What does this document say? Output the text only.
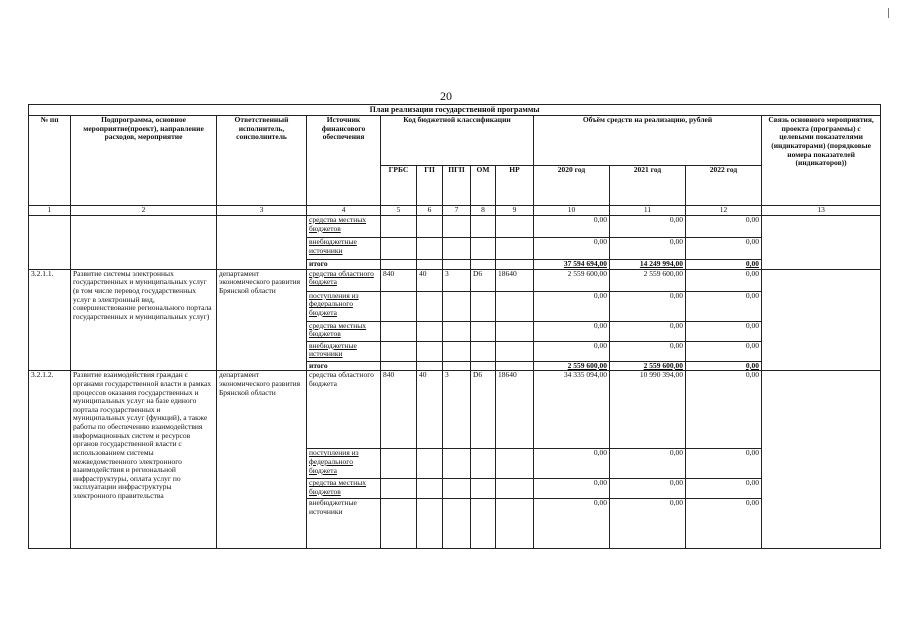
20
План реализации государственной программы												
№ пп	Подпрограмма, основное мероприятие(проект), направление расходов, мероприятие	Ответственный исполнитель, соисполнитель	Источник финансового обеспечения	Код бюджетной классификации					Объём средств на реализацию, рублей			Связь основного мероприятия, проекта (программы) с целевыми показателями (индикаторами) (порядковые номера показателей (индикаторов))
				ГРБС	ГП	ПГП	ОМ	НР	2020 год	2021 год	2022 год	
1	2	3	4	5	6	7	8	9	10	11	12	13
			средства местных бюджетов						0,00	0,00	0,00	
			внебюджетные источники						0,00	0,00	0,00	
			итого						37 594 694,00	14 249 994,00	0,00	
3.2.1.1.	Развитие системы электронных государственных и муниципальных услуг (в том числе перевод государственных услуг в электронный вид, совершенствование регионального портала государственных и муниципальных услуг)	департамент экономического развития Брянской области	средства областного бюджета	840	40	3	D6	18640	2 559 600,00	2 559 600,00	0,00	
			поступления из федерального бюджета						0,00	0,00	0,00	
			средства местных бюджетов						0,00	0,00	0,00	
			внебюджетные источники						0,00	0,00	0,00	
			итого						2 559 600,00	2 559 600,00	0,00	
3.2.1.2.	Развитие взаимодействия граждан с органами государственной власти в рамках процессов оказания государственных и муниципальных услуг на базе единого портала государственных и муниципальных услуг (функций), а также работы по обеспечению взаимодействия информационных систем и ресурсов органов государственной власти с использованием системы межведомственного электронного взаимодействия и региональной инфраструктуры, оплата услуг по эксплуатации инфраструктуры электронного правительства	департамент экономического развития Брянской области	средства областного бюджета	840	40	3	D6	18640	34 335 094,00	10 990 394,00	0,00	
			поступления из федерального бюджета						0,00	0,00	0,00	
			средства местных бюджетов						0,00	0,00	0,00	
			внебюджетные источники						0,00	0,00	0,00	
